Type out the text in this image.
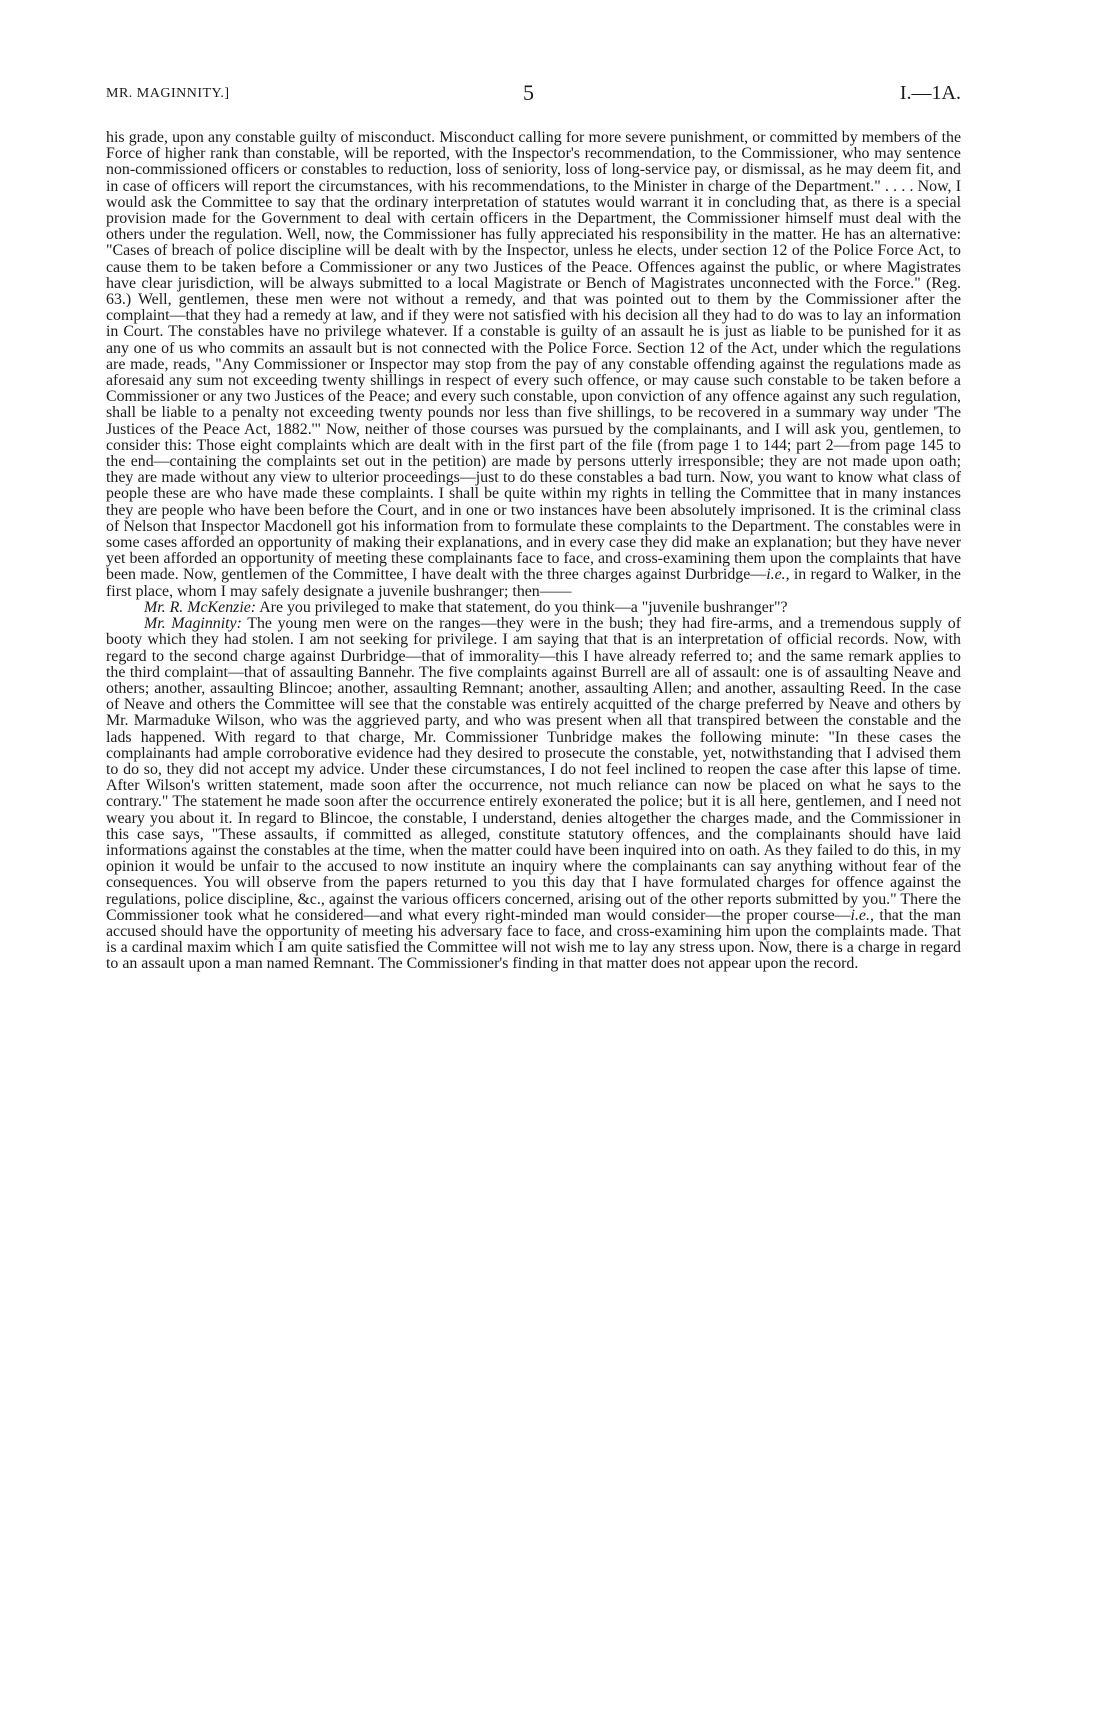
MR. MAGINNITY.]	5	I.—1A.

his grade, upon any constable guilty of misconduct. Misconduct calling for more severe punishment, or committed by members of the Force of higher rank than constable, will be reported, with the Inspector's recommendation, to the Commissioner, who may sentence non-commissioned officers or constables to reduction, loss of seniority, loss of long-service pay, or dismissal, as he may deem fit, and in case of officers will report the circumstances, with his recommendations, to the Minister in charge of the Department." . . . . Now, I would ask the Committee to say that the ordinary interpretation of statutes would warrant it in concluding that, as there is a special provision made for the Government to deal with certain officers in the Department, the Commissioner himself must deal with the others under the regulation. Well, now, the Commissioner has fully appreciated his responsibility in the matter. He has an alternative: "Cases of breach of police discipline will be dealt with by the Inspector, unless he elects, under section 12 of the Police Force Act, to cause them to be taken before a Commissioner or any two Justices of the Peace. Offences against the public, or where Magistrates have clear jurisdiction, will be always submitted to a local Magistrate or Bench of Magistrates unconnected with the Force." (Reg. 63.) Well, gentlemen, these men were not without a remedy, and that was pointed out to them by the Commissioner after the complaint—that they had a remedy at law, and if they were not satisfied with his decision all they had to do was to lay an information in Court. The constables have no privilege whatever. If a constable is guilty of an assault he is just as liable to be punished for it as any one of us who commits an assault but is not connected with the Police Force. Section 12 of the Act, under which the regulations are made, reads, "Any Commissioner or Inspector may stop from the pay of any constable offending against the regulations made as aforesaid any sum not exceeding twenty shillings in respect of every such offence, or may cause such constable to be taken before a Commissioner or any two Justices of the Peace; and every such constable, upon conviction of any offence against any such regulation, shall be liable to a penalty not exceeding twenty pounds nor less than five shillings, to be recovered in a summary way under 'The Justices of the Peace Act, 1882.'" Now, neither of those courses was pursued by the complainants, and I will ask you, gentlemen, to consider this: Those eight complaints which are dealt with in the first part of the file (from page 1 to 144; part 2—from page 145 to the end—containing the complaints set out in the petition) are made by persons utterly irresponsible; they are not made upon oath; they are made without any view to ulterior proceedings—just to do these constables a bad turn. Now, you want to know what class of people these are who have made these complaints. I shall be quite within my rights in telling the Committee that in many instances they are people who have been before the Court, and in one or two instances have been absolutely imprisoned. It is the criminal class of Nelson that Inspector Macdonell got his information from to formulate these complaints to the Department. The constables were in some cases afforded an opportunity of making their explanations, and in every case they did make an explanation; but they have never yet been afforded an opportunity of meeting these complainants face to face, and cross-examining them upon the complaints that have been made. Now, gentlemen of the Committee, I have dealt with the three charges against Durbridge—i.e., in regard to Walker, in the first place, whom I may safely designate a juvenile bushranger; then——

Mr. R. McKenzie: Are you privileged to make that statement, do you think—a "juvenile bushranger"?

Mr. Maginnity: The young men were on the ranges—they were in the bush; they had fire-arms, and a tremendous supply of booty which they had stolen. I am not seeking for privilege. I am saying that that is an interpretation of official records. Now, with regard to the second charge against Durbridge—that of immorality—this I have already referred to; and the same remark applies to the third complaint—that of assaulting Bannehr. The five complaints against Burrell are all of assault: one is of assaulting Neave and others; another, assaulting Blincoe; another, assaulting Remnant; another, assaulting Allen; and another, assaulting Reed. In the case of Neave and others the Committee will see that the constable was entirely acquitted of the charge preferred by Neave and others by Mr. Marmaduke Wilson, who was the aggrieved party, and who was present when all that transpired between the constable and the lads happened. With regard to that charge, Mr. Commissioner Tunbridge makes the following minute: "In these cases the complainants had ample corroborative evidence had they desired to prosecute the constable, yet, notwithstanding that I advised them to do so, they did not accept my advice. Under these circumstances, I do not feel inclined to reopen the case after this lapse of time. After Wilson's written statement, made soon after the occurrence, not much reliance can now be placed on what he says to the contrary." The statement he made soon after the occurrence entirely exonerated the police; but it is all here, gentlemen, and I need not weary you about it. In regard to Blincoe, the constable, I understand, denies altogether the charges made, and the Commissioner in this case says, "These assaults, if committed as alleged, constitute statutory offences, and the complainants should have laid informations against the constables at the time, when the matter could have been inquired into on oath. As they failed to do this, in my opinion it would be unfair to the accused to now institute an inquiry where the complainants can say anything without fear of the consequences. You will observe from the papers returned to you this day that I have formulated charges for offence against the regulations, police discipline, &c., against the various officers concerned, arising out of the other reports submitted by you." There the Commissioner took what he considered—and what every right-minded man would consider—the proper course—i.e., that the man accused should have the opportunity of meeting his adversary face to face, and cross-examining him upon the complaints made. That is a cardinal maxim which I am quite satisfied the Committee will not wish me to lay any stress upon. Now, there is a charge in regard to an assault upon a man named Remnant. The Commissioner's finding in that matter does not appear upon the record.
